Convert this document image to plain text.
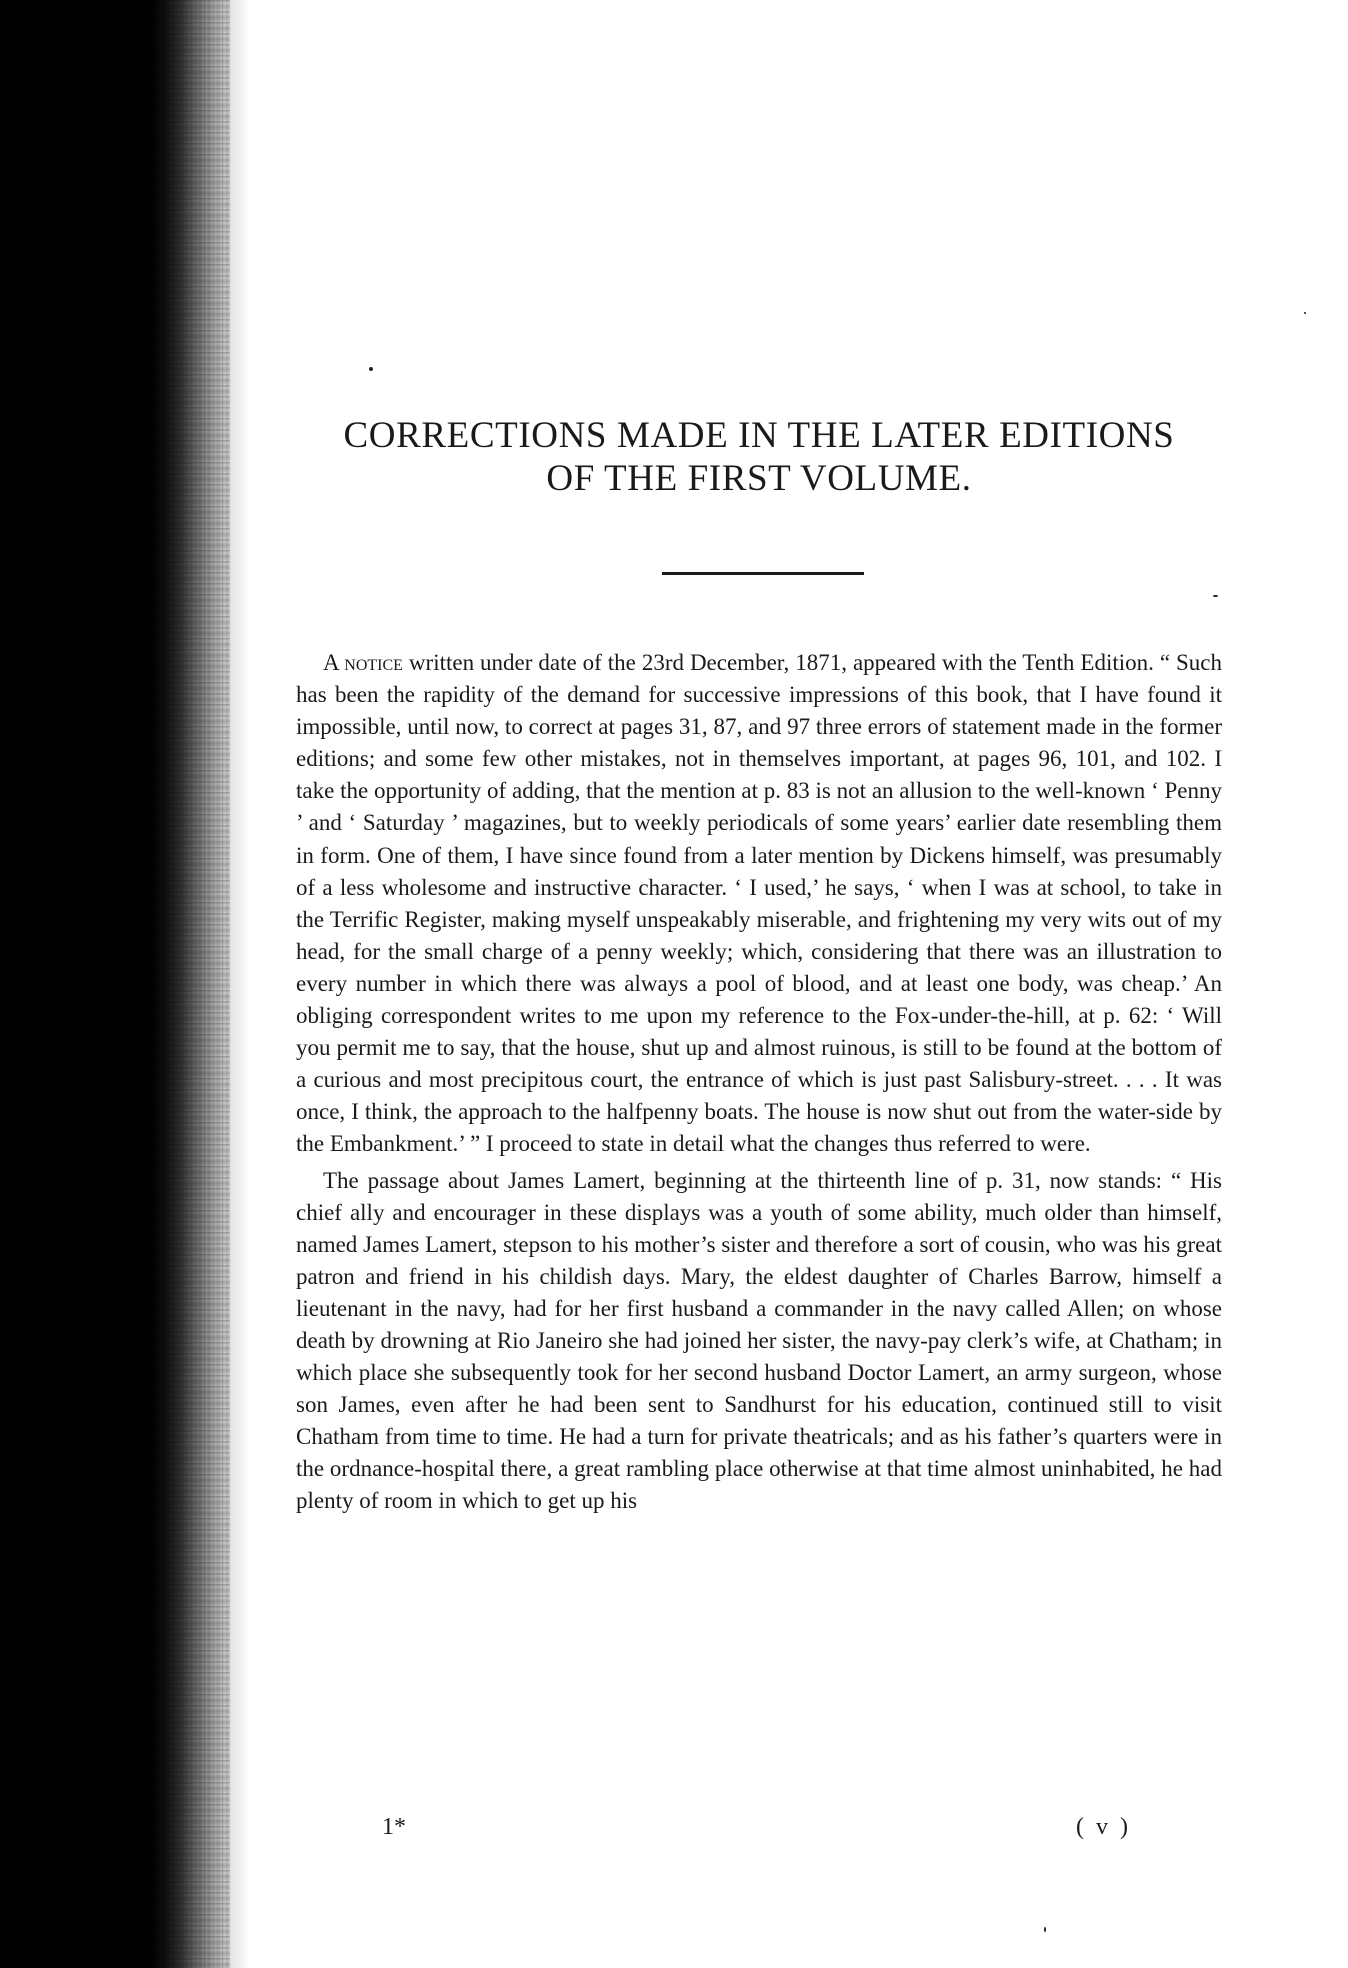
CORRECTIONS MADE IN THE LATER EDITIONS
OF THE FIRST VOLUME.

A notice written under date of the 23rd December, 1871, appeared with the Tenth Edition. “ Such has been the rapidity of the demand for successive impressions of this book, that I have found it impossible, until now, to correct at pages 31, 87, and 97 three errors of statement made in the former editions; and some few other mistakes, not in themselves important, at pages 96, 101, and 102. I take the opportunity of adding, that the mention at p. 83 is not an allusion to the well-known ‘ Penny ’ and ‘ Saturday ’ magazines, but to weekly periodicals of some years’ earlier date resembling them in form. One of them, I have since found from a later mention by Dickens himself, was presumably of a less wholesome and instructive character. ‘ I used,’ he says, ‘ when I was at school, to take in the Terrific Register, making myself unspeakably miserable, and frightening my very wits out of my head, for the small charge of a penny weekly; which, considering that there was an illustration to every number in which there was always a pool of blood, and at least one body, was cheap.’ An obliging correspondent writes to me upon my reference to the Fox-under-the-hill, at p. 62: ‘ Will you permit me to say, that the house, shut up and almost ruinous, is still to be found at the bottom of a curious and most precipitous court, the entrance of which is just past Salisbury-street. . . . It was once, I think, the approach to the halfpenny boats. The house is now shut out from the water-side by the Embankment.’ ” I proceed to state in detail what the changes thus referred to were.

The passage about James Lamert, beginning at the thirteenth line of p. 31, now stands: “ His chief ally and encourager in these displays was a youth of some ability, much older than himself, named James Lamert, stepson to his mother’s sister and therefore a sort of cousin, who was his great patron and friend in his childish days. Mary, the eldest daughter of Charles Barrow, himself a lieutenant in the navy, had for her first husband a commander in the navy called Allen; on whose death by drowning at Rio Janeiro she had joined her sister, the navy-pay clerk’s wife, at Chatham; in which place she subsequently took for her second husband Doctor Lamert, an army surgeon, whose son James, even after he had been sent to Sandhurst for his education, continued still to visit Chatham from time to time. He had a turn for private theatricals; and as his father’s quarters were in the ordnance-hospital there, a great rambling place otherwise at that time almost uninhabited, he had plenty of room in which to get up his

1*	( v )
